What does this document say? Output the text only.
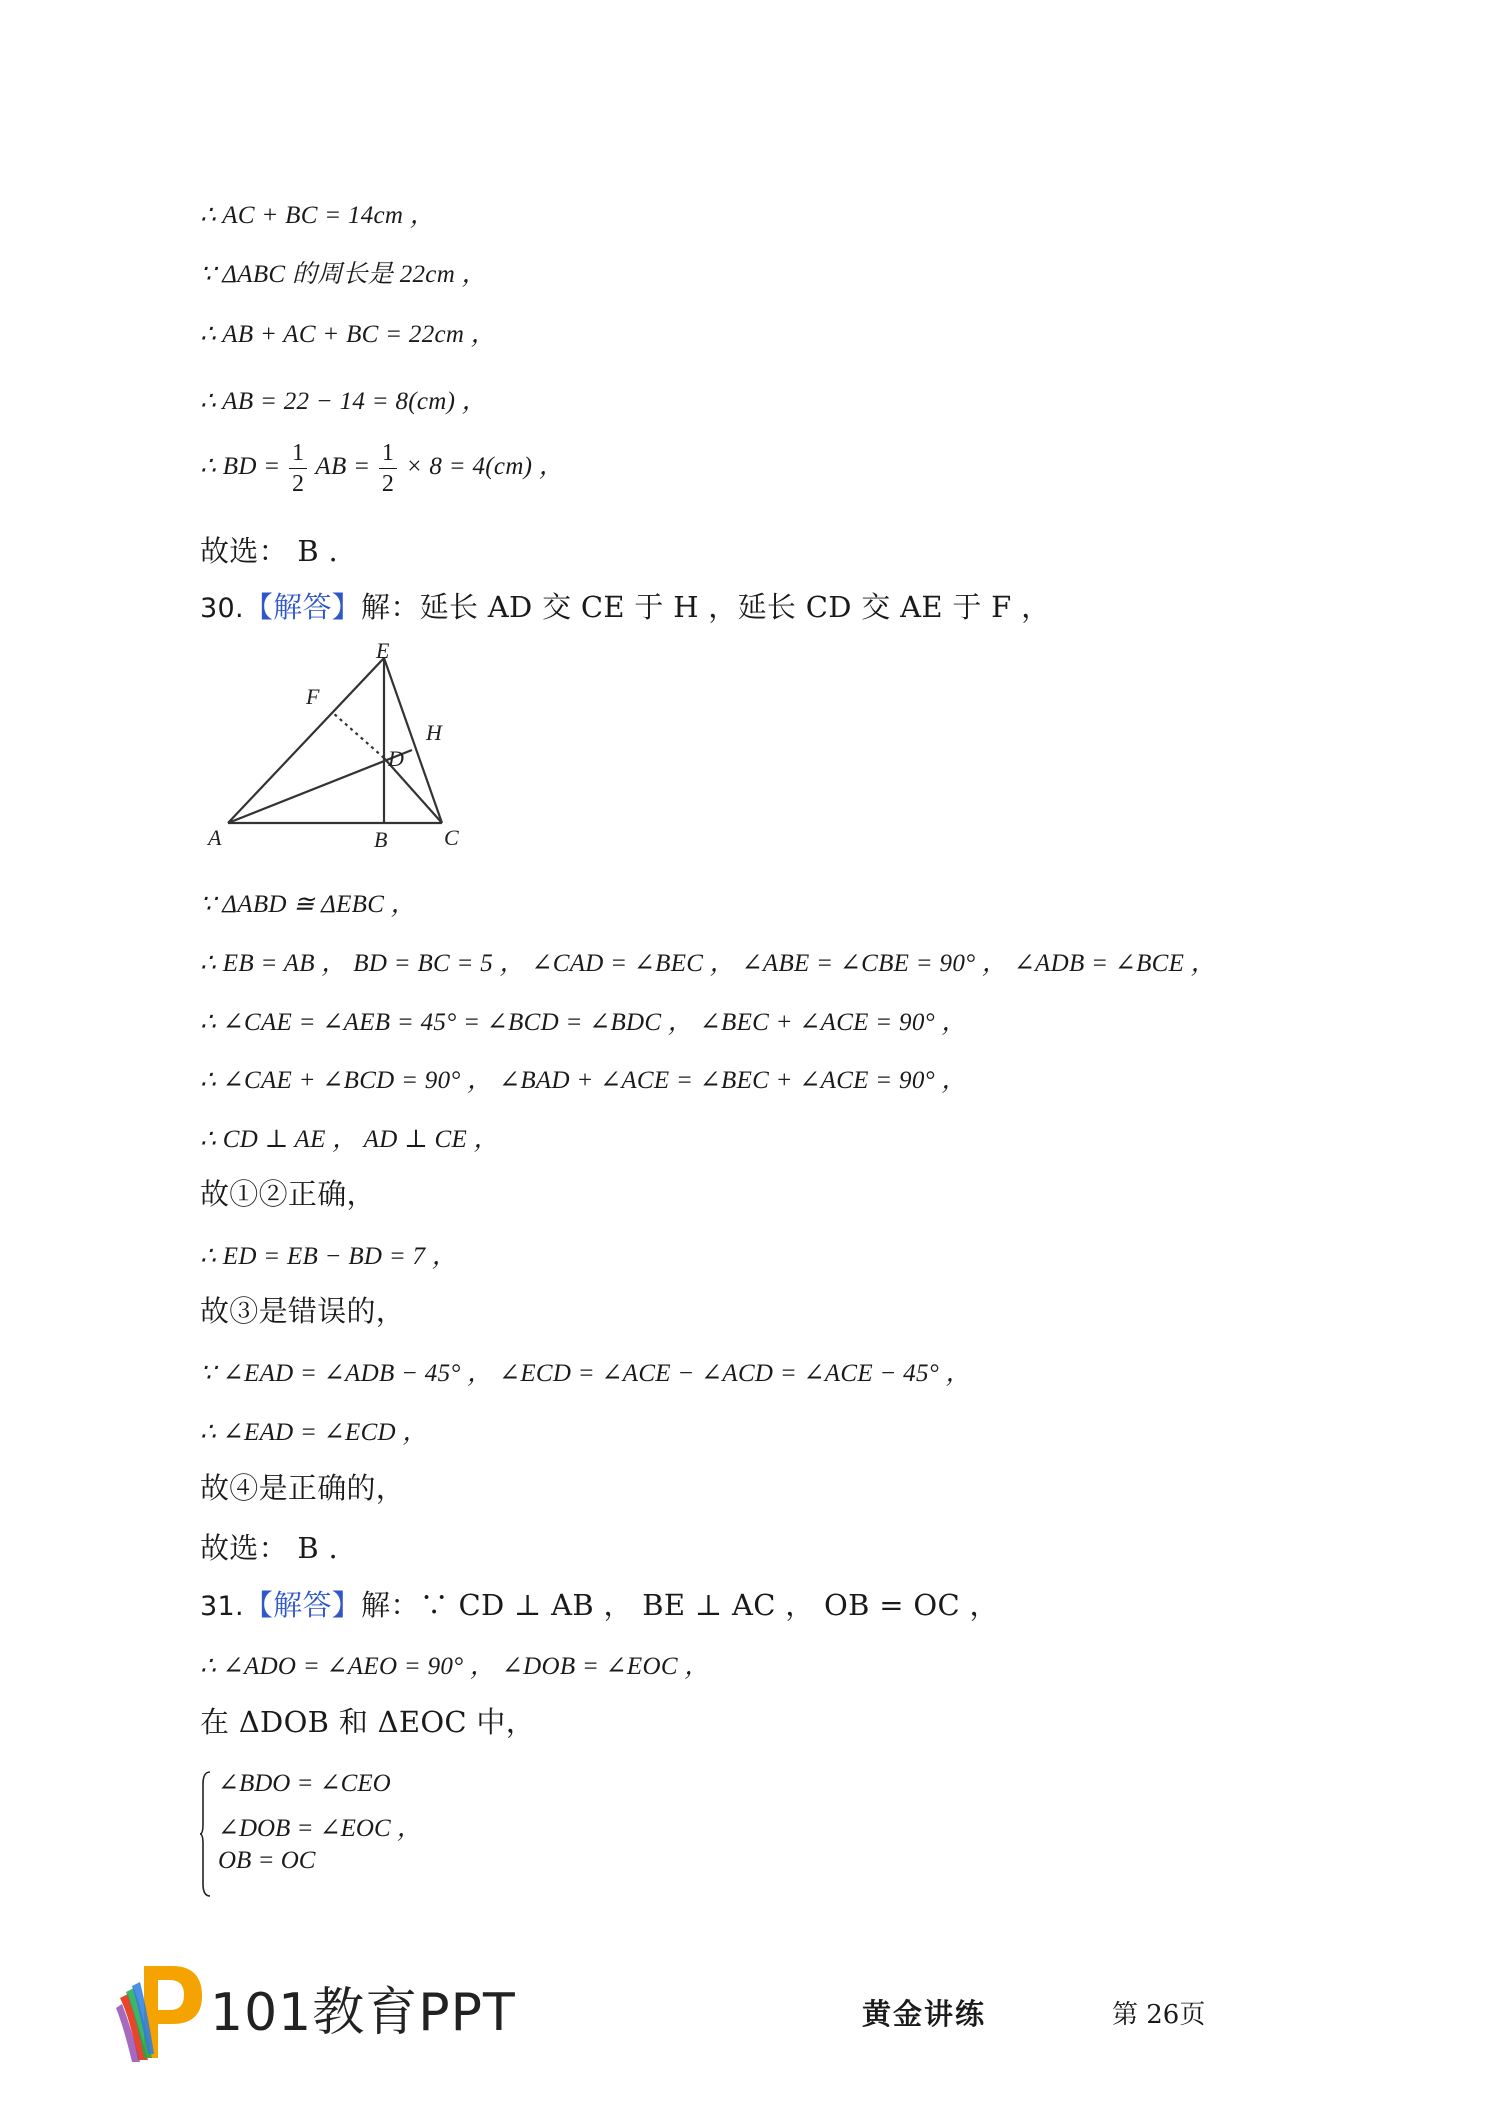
∴ AC + BC = 14cm ，
∵ ΔABC 的周长是 22cm ，
∴ AB + AC + BC = 22cm ，
∴ AB = 22 − 14 = 8(cm) ，
∴ BD = $\frac{1}{2}$ AB = $\frac{1}{2} \times 8 = 4(cm)$ ，
故选： B .
30.【解答】解：延长 AD 交 CE 于 H ，延长 CD 交 AE 于 F ，
A	B	C
D
E
F
H
∵ ΔABD ≅ ΔEBC ，
∴ EB = AB ， BD = BC = 5 ， ∠CAD = ∠BEC ， ∠ABE = ∠CBE = 90° ， ∠ADB = ∠BCE ，
∴ ∠CAE = ∠AEB = 45° = ∠BCD = ∠BDC ， ∠BEC + ∠ACE = 90° ，
∴ ∠CAE + ∠BCD = 90° ， ∠BAD + ∠ACE = ∠BEC + ∠ACE = 90° ，
∴ CD ⊥ AE ， AD ⊥ CE ，
故①②正确，
∴ ED = EB − BD = 7 ，
故③是错误的，
∵ ∠EAD = ∠ADB − 45° ， ∠ECD = ∠ACE − ∠ACD = ∠ACE − 45° ，
∴ ∠EAD = ∠ECD ，
故④是正确的，
故选： B .
31.【解答】解：∵ CD ⊥ AB ， BE ⊥ AC ， OB = OC ，
∴ ∠ADO = ∠AEO = 90° ， ∠DOB = ∠EOC ，
在 ΔDOB 和 ΔEOC 中，
∠BDO = ∠CEO
∠DOB = ∠EOC ，
OB = OC
101教育PPT	黄金讲练	第 26页
